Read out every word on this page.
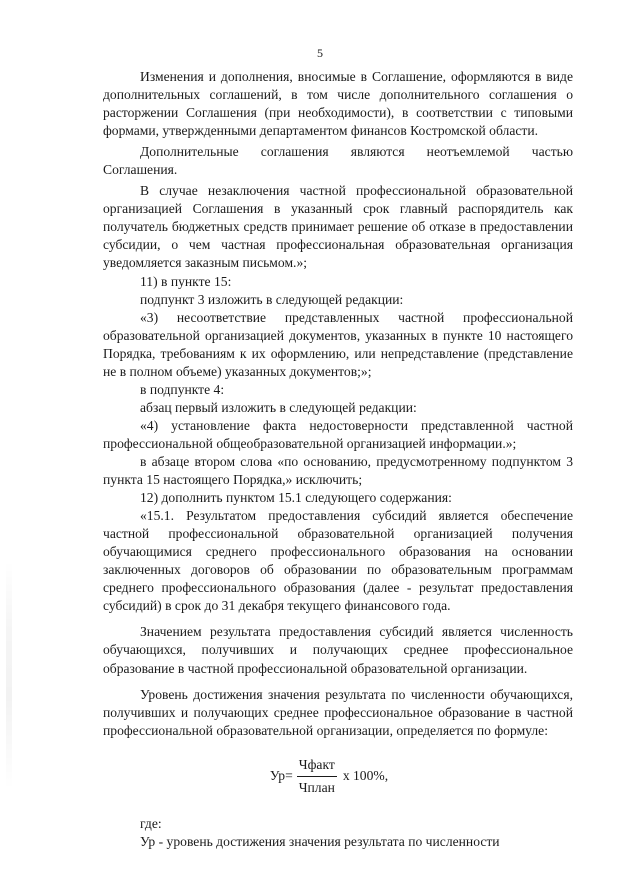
5

Изменения и дополнения, вносимые в Соглашение, оформляются в виде дополнительных соглашений, в том числе дополнительного соглашения о расторжении Соглашения (при необходимости), в соответствии с типовыми формами, утвержденными департаментом финансов Костромской области.

Дополнительные соглашения являются неотъемлемой частью Соглашения.

В случае незаключения частной профессиональной образовательной организацией Соглашения в указанный срок главный распорядитель как получатель бюджетных средств принимает решение об отказе в предоставлении субсидии, о чем частная профессиональная образовательная организация уведомляется заказным письмом.»;

11) в пункте 15:

подпункт 3 изложить в следующей редакции:

«3) несоответствие представленных частной профессиональной образовательной организацией документов, указанных в пункте 10 настоящего Порядка, требованиям к их оформлению, или непредставление (представление не в полном объеме) указанных документов;»;

в подпункте 4:

абзац первый изложить в следующей редакции:

«4) установление факта недостоверности представленной частной профессиональной общеобразовательной организацией информации.»;

в абзаце втором слова «по основанию, предусмотренному подпунктом 3 пункта 15 настоящего Порядка,» исключить;

12) дополнить пунктом 15.1 следующего содержания:

«15.1. Результатом предоставления субсидий является обеспечение частной профессиональной образовательной организацией получения обучающимися среднего профессионального образования на основании заключенных договоров об образовании по образовательным программам среднего профессионального образования (далее - результат предоставления субсидий) в срок до 31 декабря текущего финансового года.

Значением результата предоставления субсидий является численность обучающихся, получивших и получающих среднее профессиональное образование в частной профессиональной образовательной организации.

Уровень достижения значения результата по численности обучающихся, получивших и получающих среднее профессиональное образование в частной профессиональной образовательной организации, определяется по формуле:

$Ур= \frac{\text{Чфакт}}{\text{Чплан}}$ x 100%,

где:

Ур - уровень достижения значения результата по численности
